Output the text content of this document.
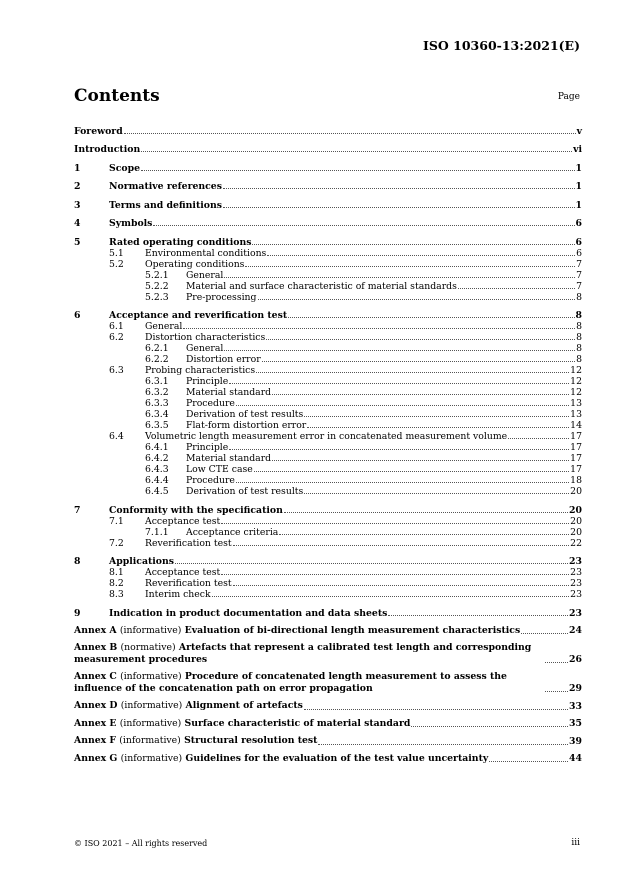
ISO 10360-13:2021(E)
Contents	Page
Foreword	v
Introduction	vi
1	Scope	1
2	Normative references	1
3	Terms and definitions	1
4	Symbols	6
5	Rated operating conditions	6
5.1	Environmental conditions	6
5.2	Operating conditions	7
5.2.1	General	7
5.2.2	Material and surface characteristic of material standards	7
5.2.3	Pre-processing	8
6	Acceptance and reverification test	8
6.1	General	8
6.2	Distortion characteristics	8
6.2.1	General	8
6.2.2	Distortion error	8
6.3	Probing characteristics	12
6.3.1	Principle	12
6.3.2	Material standard	12
6.3.3	Procedure	13
6.3.4	Derivation of test results	13
6.3.5	Flat-form distortion error	14
6.4	Volumetric length measurement error in concatenated measurement volume	17
6.4.1	Principle	17
6.4.2	Material standard	17
6.4.3	Low CTE case	17
6.4.4	Procedure	18
6.4.5	Derivation of test results	20
7	Conformity with the specification	20
7.1	Acceptance test	20
7.1.1	Acceptance criteria	20
7.2	Reverification test	22
8	Applications	23
8.1	Acceptance test	23
8.2	Reverification test	23
8.3	Interim check	23
9	Indication in product documentation and data sheets	23
Annex A (informative) Evaluation of bi-directional length measurement characteristics	24
Annex B (normative) Artefacts that represent a calibrated test length and corresponding measurement procedures	26
Annex C (informative) Procedure of concatenated length measurement to assess the influence of the concatenation path on error propagation	29
Annex D (informative) Alignment of artefacts	33
Annex E (informative) Surface characteristic of material standard	35
Annex F (informative) Structural resolution test	39
Annex G (informative) Guidelines for the evaluation of the test value uncertainty	44
© ISO 2021 – All rights reserved	iii
